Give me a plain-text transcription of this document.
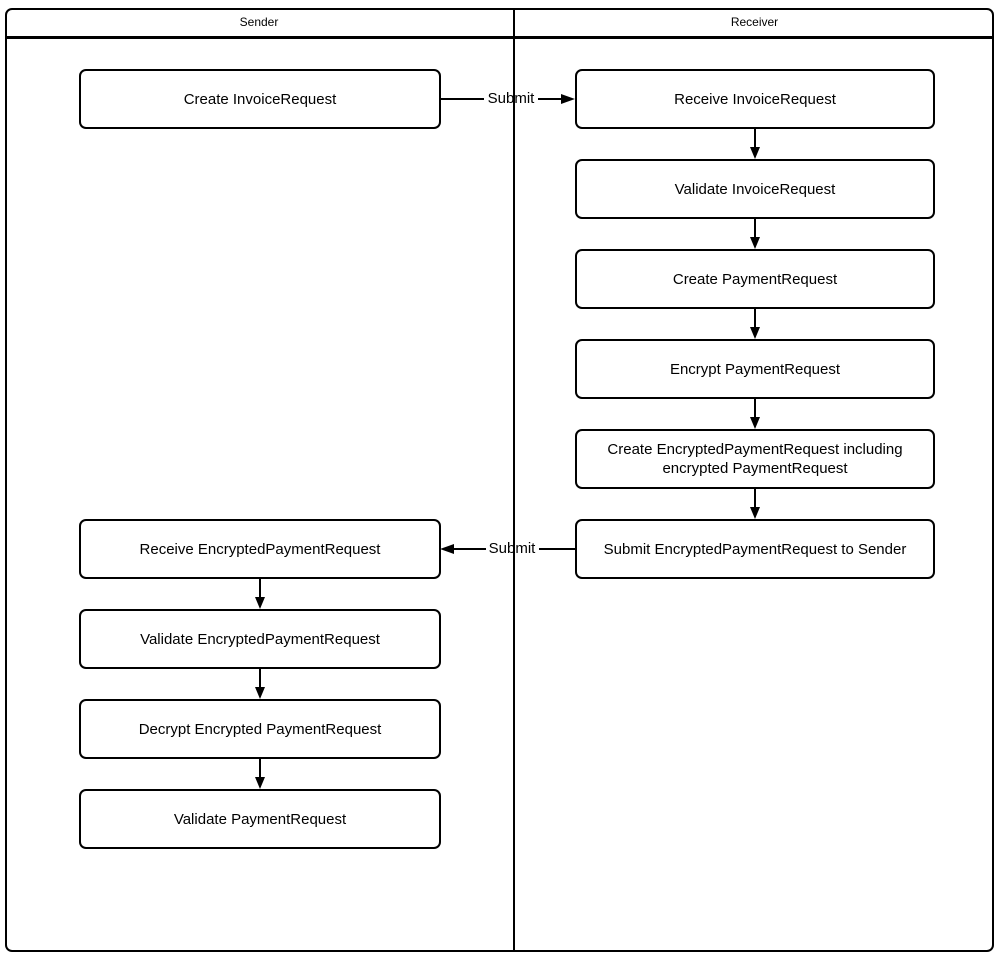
Sender	Receiver
Submit
Submit
Create InvoiceRequest	Receive InvoiceRequest
Validate InvoiceRequest
Create PaymentRequest
Encrypt PaymentRequest
Create EncryptedPaymentRequest including encrypted PaymentRequest
Submit EncryptedPaymentRequest to Sender
Receive EncryptedPaymentRequest
Validate EncryptedPaymentRequest
Decrypt Encrypted PaymentRequest
Validate PaymentRequest
